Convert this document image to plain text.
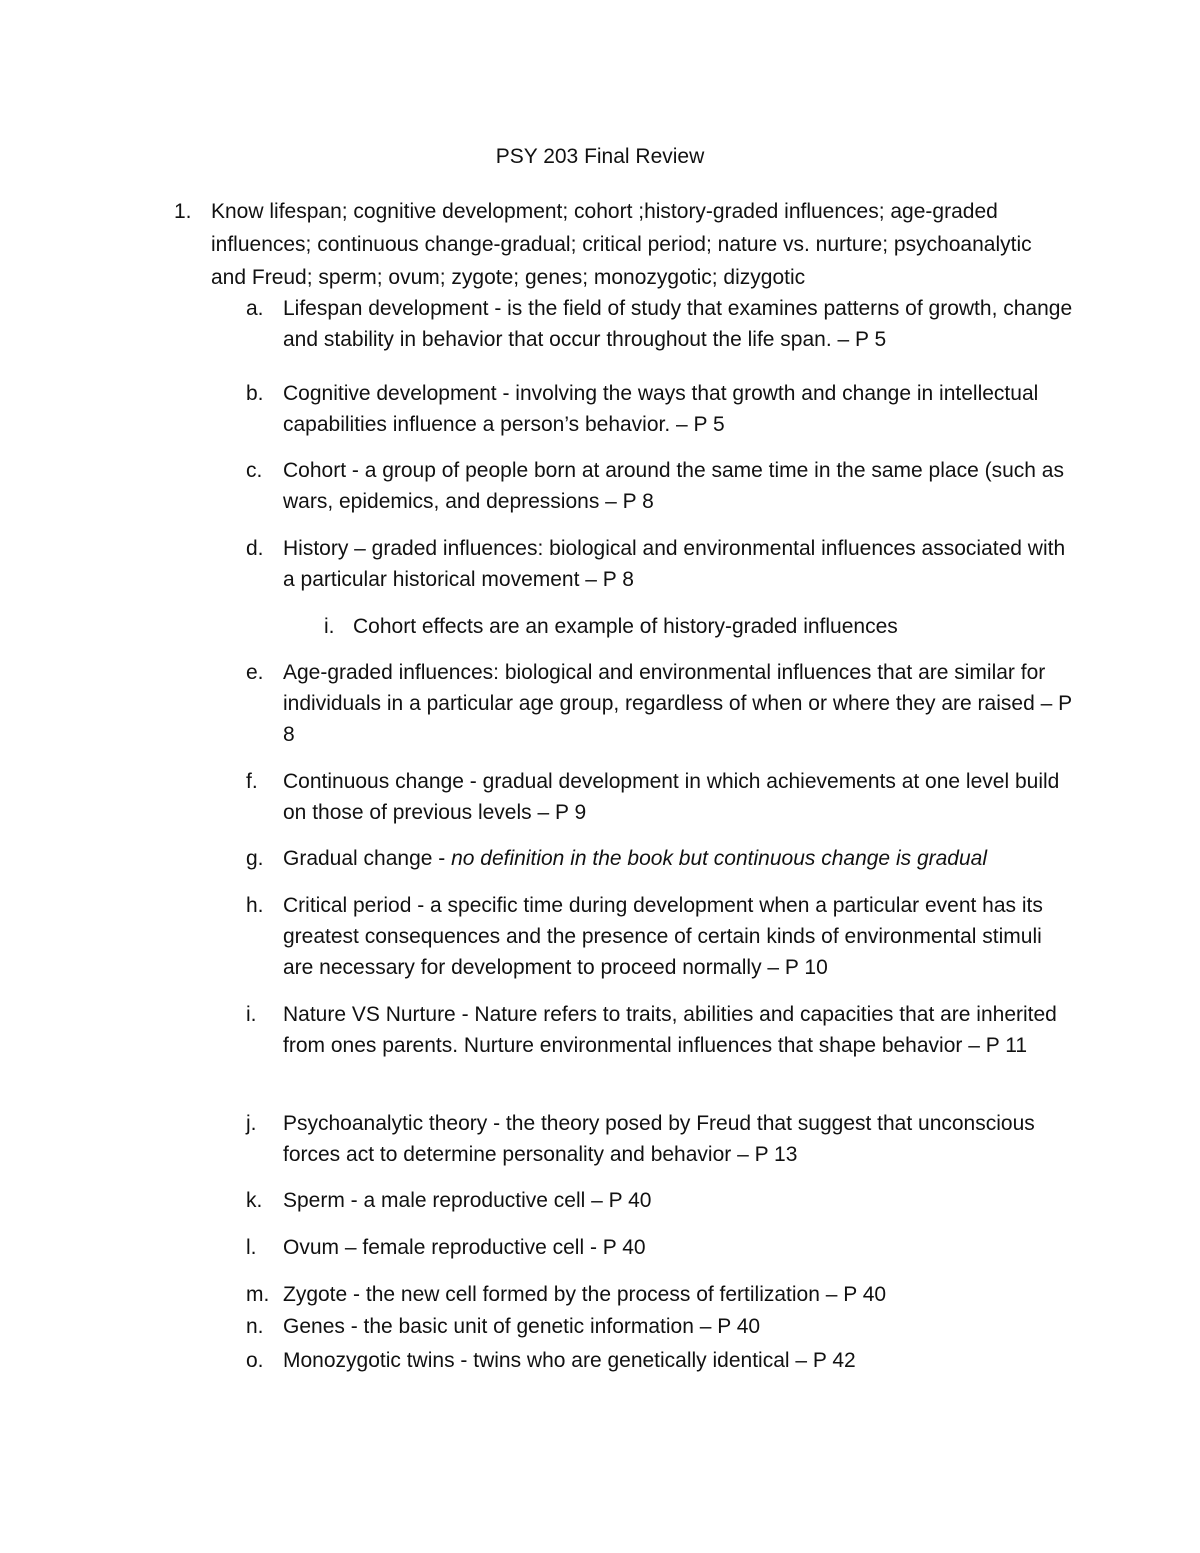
PSY 203 Final Review
1. Know lifespan; cognitive development; cohort ;history-graded influences; age-graded influences; continuous change-gradual; critical period; nature vs. nurture; psychoanalytic and Freud; sperm; ovum; zygote; genes; monozygotic; dizygotic
a. Lifespan development - is the field of study that examines patterns of growth, change and stability in behavior that occur throughout the life span. – P 5
b. Cognitive development - involving the ways that growth and change in intellectual capabilities influence a person’s behavior. – P 5
c. Cohort - a group of people born at around the same time in the same place (such as wars, epidemics, and depressions – P 8
d. History – graded influences: biological and environmental influences associated with a particular historical movement – P 8
i. Cohort effects are an example of history-graded influences
e. Age-graded influences: biological and environmental influences that are similar for individuals in a particular age group, regardless of when or where they are raised – P 8
f. Continuous change - gradual development in which achievements at one level build on those of previous levels – P 9
g. Gradual change - no definition in the book but continuous change is gradual
h. Critical period - a specific time during development when a particular event has its greatest consequences and the presence of certain kinds of environmental stimuli are necessary for development to proceed normally – P 10
i. Nature VS Nurture - Nature refers to traits, abilities and capacities that are inherited from ones parents. Nurture environmental influences that shape behavior – P 11
j. Psychoanalytic theory - the theory posed by Freud that suggest that unconscious forces act to determine personality and behavior – P 13
k. Sperm - a male reproductive cell – P 40
l. Ovum – female reproductive cell - P 40
m. Zygote - the new cell formed by the process of fertilization – P 40
n. Genes - the basic unit of genetic information – P 40
o. Monozygotic twins - twins who are genetically identical – P 42
